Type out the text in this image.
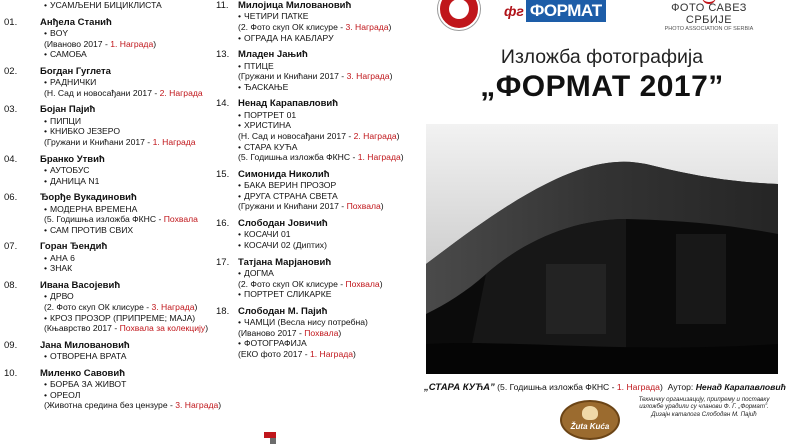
• УСАМЉЕНИ БИЦИКЛИСТА
01.	Анђела Станић
• BOY
(Иваново 2017 - 1. Награда)
• САМОБА
02.	Богдан Гуглета
• РАДНИЧКИ
(Н. Сад и новосађани 2017 - 2. Награда
03.	Бојан Пајић
• ПИПЦИ
• КНИБКО ЈЕЗЕРО
(Гружани и Книћани 2017 - 1. Награда
04.	Бранко Утвић
• АУТОБУС
• ДАНИЦА N1
06.	Ђорђе Вукадиновић
• МОДЕРНА ВРЕМЕНА
(5. Годишња изложба ФКНС - Похвала
• САМ ПРОТИВ СВИХ
07.	Горан Ђендић
• АНА 6
• ЗНАК
08.	Ивана Васојевић
• ДРВО
(2. Фото скуп ОК клисуре - 3. Награда)
• КРОЗ ПРОЗОР (ПРИПРЕМЕ; МАЈА)
(Књаврство 2017 - Похвала за колекцију)
09.	Јана Миловановић
• ОТВОРЕНА ВРАТА
10.	Миленко Савовић
• БОРБА ЗА ЖИВОТ
• ОРЕОЛ
(Животна средина без цензуре - 3. Награда)
11. Милојица Миловановић
• ЧЕТИРИ ПАТКЕ
(2. Фото скуп ОК клисуре - 3. Награда)
• ОГРАДА НА КАБЛАРУ
13. Младен Јањић
• ПТИЦЕ
(Гружани и Книћани 2017 - 3. Награда)
• ЂАСКАЊЕ
14. Ненад Карапавловић
• ПОРТРЕТ 01
• ХРИСТИНА
(Н. Сад и новосађани 2017 - 2. Награда)
• СТАРА КУЋА
(5. Годишња изложба ФКНС - 1. Награда)
15. Симонида Николић
• БАКА ВЕРИН ПРОЗОР
• ДРУГА СТРАНА СВЕТА
(Гружани и Книћани 2017 - Похвала)
16. Слободан Јовичић
• КОСАЧИ 01
• КОСАЧИ 02 (Диптих)
17. Татјана Марјановић
• ДОГМА
(2. Фото скуп ОК клисуре - Похвала)
• ПОРТРЕТ СЛИКАРКЕ
18. Слободан М. Пајић
• ЧАМЦИ (Весла нису потребна)
(Иваново 2017 - Похвала)
• ФОТОГРАФИЈА
(ЕКО фото 2017 - 1. Награда)
фг ФОРМАТ	ФОТО САВЕЗ СРБИЈЕ
PHOTO ASSOCIATION OF SERBIA
Изложба фотографија
„ФОРМАТ 2017”
„СТАРА КУЋА” (5. Годишња изложба ФКНС - 1. Награда) Аутор: Ненад Карапавловић
Техничку организацију, припрему и поставку
изложбе урадили су чланови Ф. Г. „Формат”.
Дизајн каталога Слободан М. Пајић
Žuta Kuća
